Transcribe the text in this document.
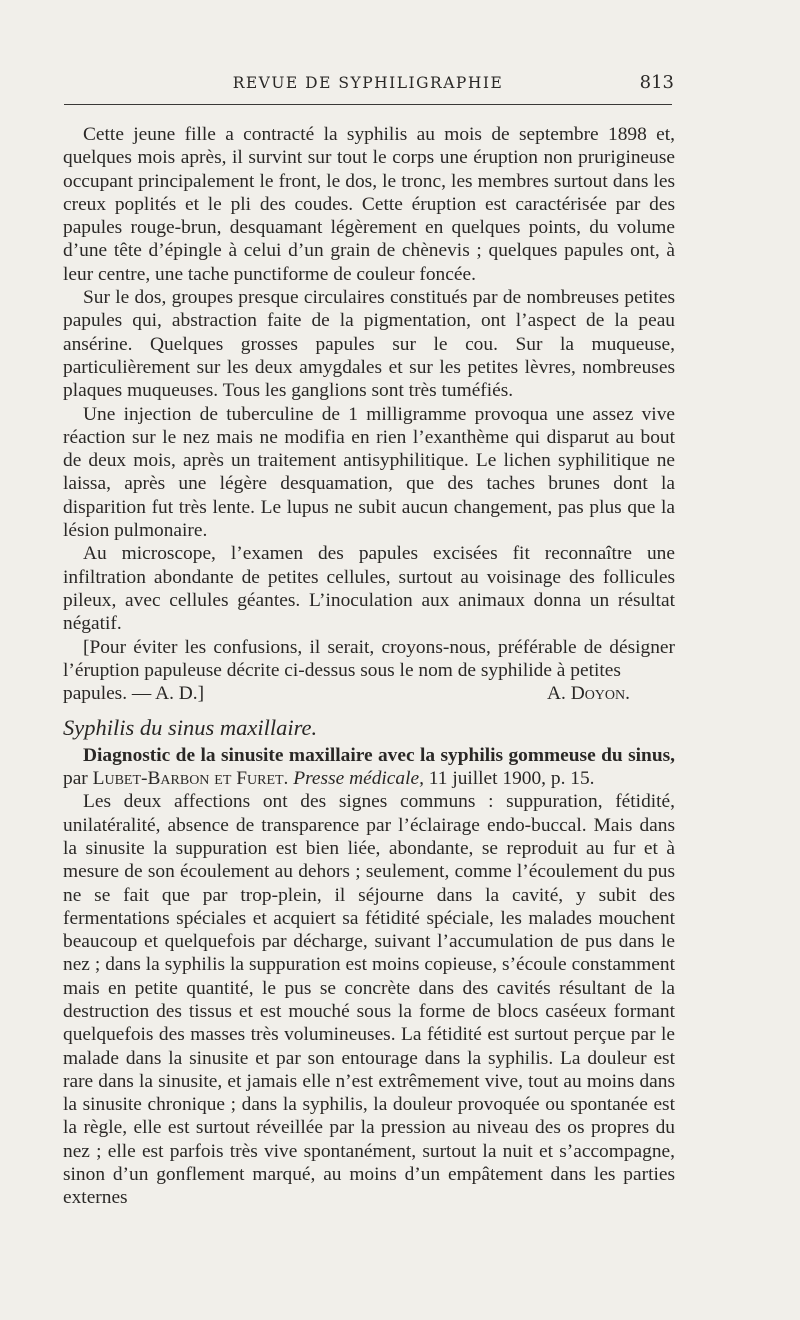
REVUE DE SYPHILIGRAPHIE	813

Cette jeune fille a contracté la syphilis au mois de septembre 1898 et, quelques mois après, il survint sur tout le corps une éruption non prurigineuse occupant principalement le front, le dos, le tronc, les membres surtout dans les creux poplités et le pli des coudes. Cette éruption est caractérisée par des papules rouge-brun, desquamant légèrement en quelques points, du volume d’une tête d’épingle à celui d’un grain de chènevis ; quelques papules ont, à leur centre, une tache punctiforme de couleur foncée.

Sur le dos, groupes presque circulaires constitués par de nombreuses petites papules qui, abstraction faite de la pigmentation, ont l’aspect de la peau ansérine. Quelques grosses papules sur le cou. Sur la muqueuse, particulièrement sur les deux amygdales et sur les petites lèvres, nombreuses plaques muqueuses. Tous les ganglions sont très tuméfiés.

Une injection de tuberculine de 1 milligramme provoqua une assez vive réaction sur le nez mais ne modifia en rien l’exanthème qui disparut au bout de deux mois, après un traitement antisyphilitique. Le lichen syphilitique ne laissa, après une légère desquamation, que des taches brunes dont la disparition fut très lente. Le lupus ne subit aucun changement, pas plus que la lésion pulmonaire.

Au microscope, l’examen des papules excisées fit reconnaître une infiltration abondante de petites cellules, surtout au voisinage des follicules pileux, avec cellules géantes. L’inoculation aux animaux donna un résultat négatif.

[Pour éviter les confusions, il serait, croyons-nous, préférable de désigner l’éruption papuleuse décrite ci-dessus sous le nom de syphilide à petites

papules. — A. D.]	A. Doyon.
Syphilis du sinus maxillaire.

Diagnostic de la sinusite maxillaire avec la syphilis gommeuse du sinus, par Lubet-Barbon et Furet. Presse médicale, 11 juillet 1900, p. 15.

Les deux affections ont des signes communs : suppuration, fétidité, unilatéralité, absence de transparence par l’éclairage endo-buccal. Mais dans la sinusite la suppuration est bien liée, abondante, se reproduit au fur et à mesure de son écoulement au dehors ; seulement, comme l’écoulement du pus ne se fait que par trop-plein, il séjourne dans la cavité, y subit des fermentations spéciales et acquiert sa fétidité spéciale, les malades mouchent beaucoup et quelquefois par décharge, suivant l’accumulation de pus dans le nez ; dans la syphilis la suppuration est moins copieuse, s’écoule constamment mais en petite quantité, le pus se concrète dans des cavités résultant de la destruction des tissus et est mouché sous la forme de blocs caséeux formant quelquefois des masses très volumineuses. La fétidité est surtout perçue par le malade dans la sinusite et par son entourage dans la syphilis. La douleur est rare dans la sinusite, et jamais elle n’est extrêmement vive, tout au moins dans la sinusite chronique ; dans la syphilis, la douleur provoquée ou spontanée est la règle, elle est surtout réveillée par la pression au niveau des os propres du nez ; elle est parfois très vive spontanément, surtout la nuit et s’accompagne, sinon d’un gonflement marqué, au moins d’un empâtement dans les parties externes
